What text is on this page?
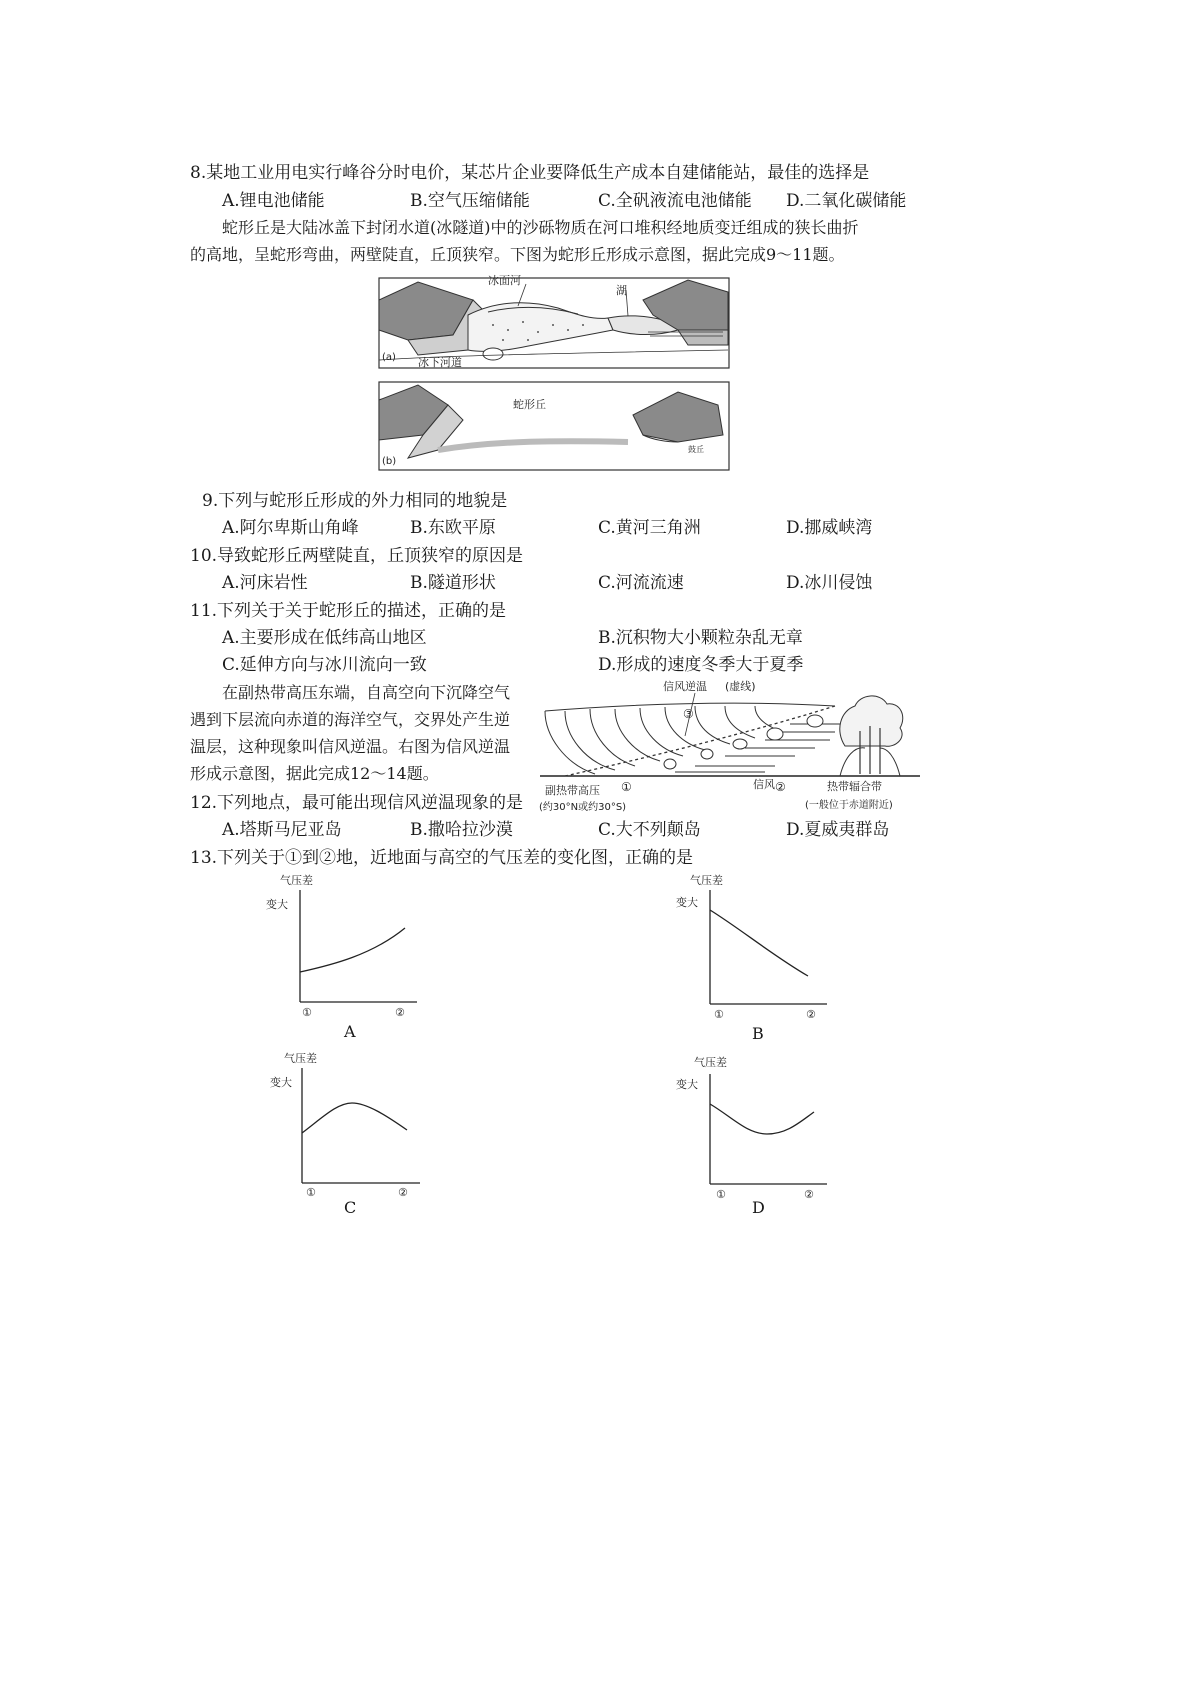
8.某地工业用电实行峰谷分时电价，某芯片企业要降低生产成本自建储能站，最佳的选择是
A.锂电池储能	B.空气压缩储能	C.全矾液流电池储能 D.二氧化碳储能
蛇形丘是大陆冰盖下封闭水道(冰隧道)中的沙砾物质在河口堆积经地质变迁组成的狭长曲折
的高地，呈蛇形弯曲，两壁陡直，丘顶狭窄。下图为蛇形丘形成示意图，据此完成9～11题。
冰面河
湖
冰下河道
(a)
蛇形丘
鼓丘
(b)
9.下列与蛇形丘形成的外力相同的地貌是
A.阿尔卑斯山角峰	B.东欧平原	C.黄河三角洲	D.挪威峡湾
10.导致蛇形丘两壁陡直，丘顶狭窄的原因是
A.河床岩性	B.隧道形状	C.河流流速	D.冰川侵蚀
11.下列关于关于蛇形丘的描述，正确的是
A.主要形成在低纬高山地区	B.沉积物大小颗粒杂乱无章
C.延伸方向与冰川流向一致	D.形成的速度冬季大于夏季
在副热带高压东端，自高空向下沉降空气
遇到下层流向赤道的海洋空气，交界处产生逆
温层，这种现象叫信风逆温。右图为信风逆温
形成示意图，据此完成12～14题。
信风逆温 (虚线)
信风
①	②
③
副热带高压
(约30°N或约30°S)
热带辐合带
(一般位于赤道附近)
12.下列地点，最可能出现信风逆温现象的是
A.塔斯马尼亚岛	B.撒哈拉沙漠	C.大不列颠岛	D.夏威夷群岛
13.下列关于①到②地，近地面与高空的气压差的变化图，正确的是
气压差
变大
①	②
A
气压差
变大
①	②
B
气压差
变大
①	②
C
气压差
变大
①	②
D
